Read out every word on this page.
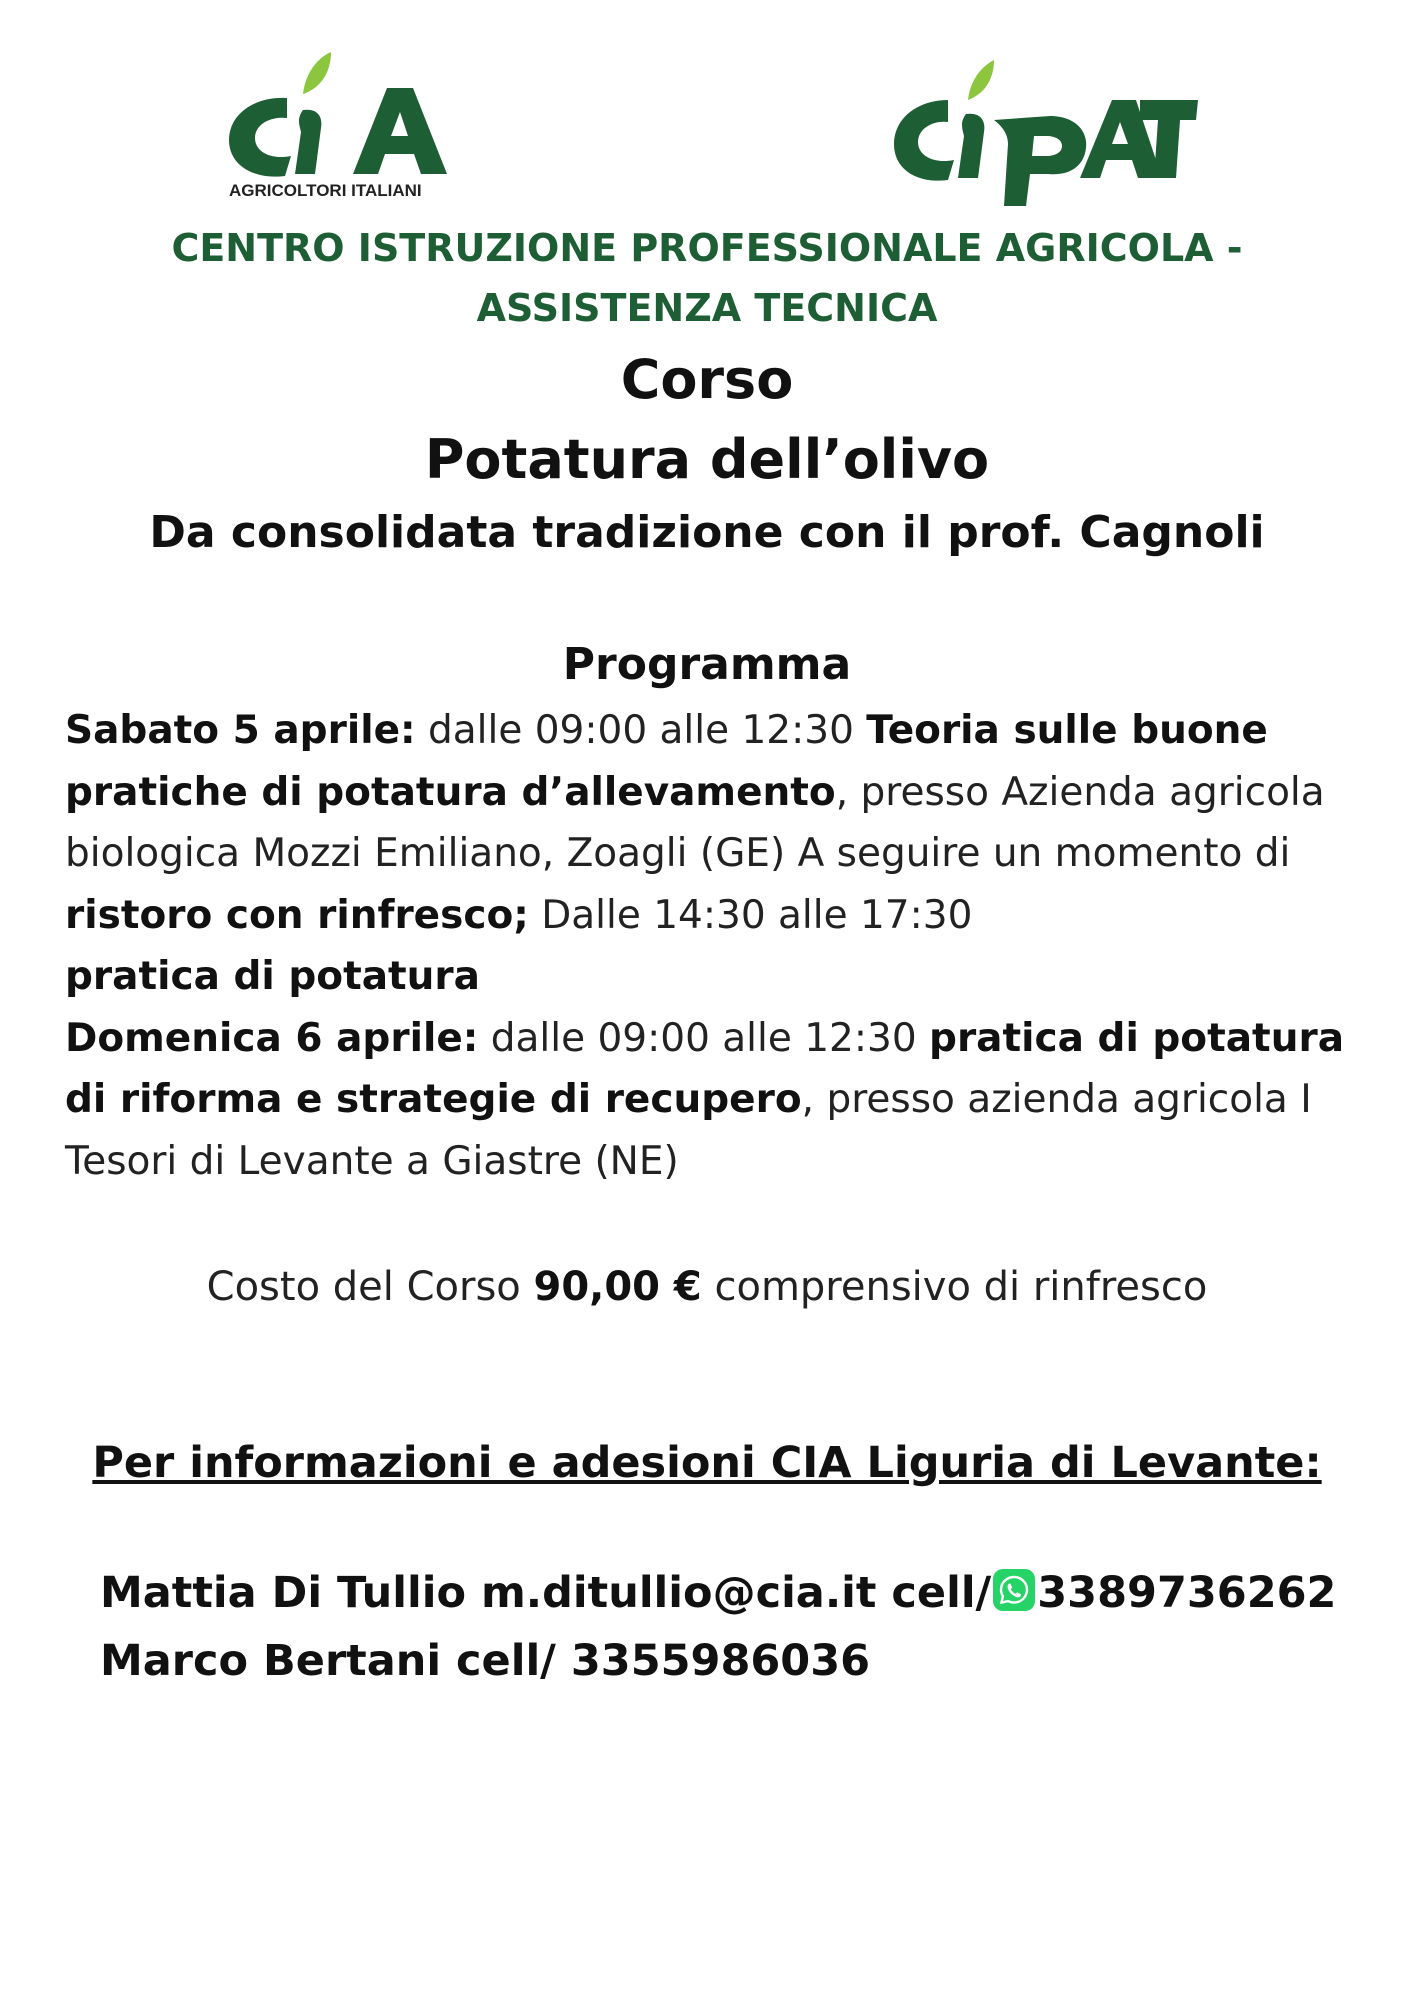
AGRICOLTORI ITALIANI
CENTRO ISTRUZIONE PROFESSIONALE AGRICOLA -
ASSISTENZA TECNICA
Corso
Potatura dell’olivo
Da consolidata tradizione con il prof. Cagnoli
Programma
Sabato 5 aprile: dalle 09:00 alle 12:30 Teoria sulle buone pratiche di potatura d’allevamento, presso Azienda agricola biologica Mozzi Emiliano, Zoagli (GE) A seguire un momento di ristoro con rinfresco; Dalle 14:30 alle 17:30
pratica di potatura
Domenica 6 aprile: dalle 09:00 alle 12:30 pratica di potatura di riforma e strategie di recupero, presso azienda agricola I Tesori di Levante a Giastre (NE)
Costo del Corso 90,00 € comprensivo di rinfresco
Per informazioni e adesioni CIA Liguria di Levante:
Mattia Di Tullio m.ditullio@cia.it cell/ 3389736262
Marco Bertani cell/ 3355986036
